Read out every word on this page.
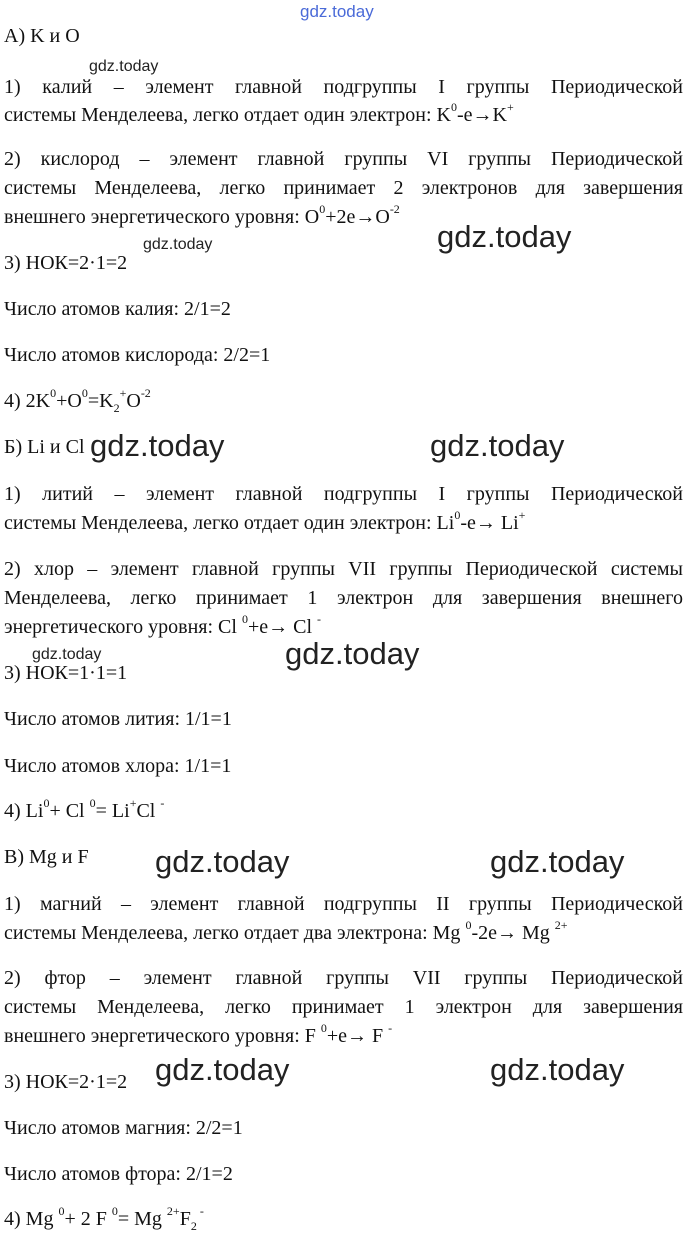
gdz.today
gdz.today
gdz.today	gdz.today
gdz.today	gdz.today
gdz.today	gdz.today
gdz.today	gdz.today
gdz.today	gdz.today
А) K и O
1) калий – элемент главной подгруппы I группы Периодической
системы Менделеева, легко отдает один электрон: $K^0-e\to K^+$
2) кислород – элемент главной группы VI группы Периодической
системы Менделеева, легко принимает 2 электронов для завершения
внешнего энергетического уровня: $O^0+2e\to O^{-2}$
3) НОК=2·1=2
Число атомов калия: 2/1=2
Число атомов кислорода: 2/2=1
4) $2K^0+O^0=K_2^+O^{-2}$
Б) Li и Cl
1) литий – элемент главной подгруппы I группы Периодической
системы Менделеева, легко отдает один электрон: $Li^0-e\to Li^+$
2) хлор – элемент главной группы VII группы Периодической системы
Менделеева, легко принимает 1 электрон для завершения внешнего
энергетического уровня: Cl $^0$+e→ Cl -
3) НОК=1·1=1
Число атомов лития: 1/1=1
Число атомов хлора: 1/1=1
4) $Li^0+ Cl$ $^0$= Li+Cl -
В) Mg и F
1) магний – элемент главной подгруппы II группы Периодической
системы Менделеева, легко отдает два электрона: Mg $^0$-2e→ Mg $^{2+}$
2) фтор – элемент главной группы VII группы Периодической
системы Менделеева, легко принимает 1 электрон для завершения
внешнего энергетического уровня: F $^0$+e→ F -
3) НОК=2·1=2
Число атомов магния: 2/2=1
Число атомов фтора: 2/1=2
4) Mg $^0$+ 2 F $^0$= Mg $^{2+}F_2$ -
